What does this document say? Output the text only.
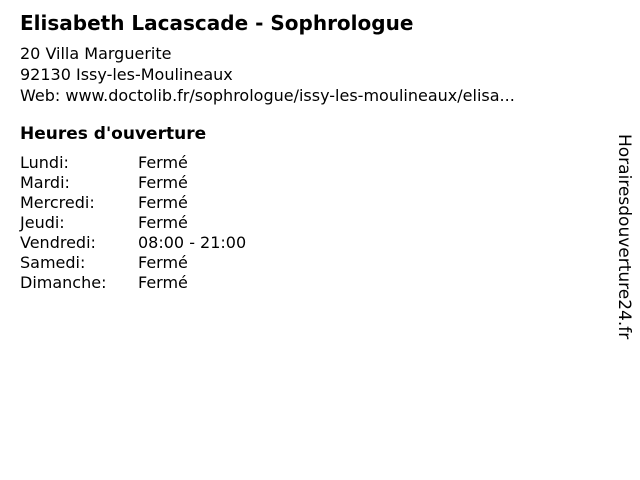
Elisabeth Lacascade - Sophrologue
20 Villa Marguerite
92130 Issy-les-Moulineaux
Web: www.doctolib.fr/sophrologue/issy-les-moulineaux/elisa...
Heures d'ouverture
Lundi:	Fermé
Mardi:	Fermé
Mercredi:	Fermé
Jeudi:	Fermé
Vendredi:	08:00 - 21:00
Samedi:	Fermé
Dimanche: Fermé	Horairesdouverture24.fr
